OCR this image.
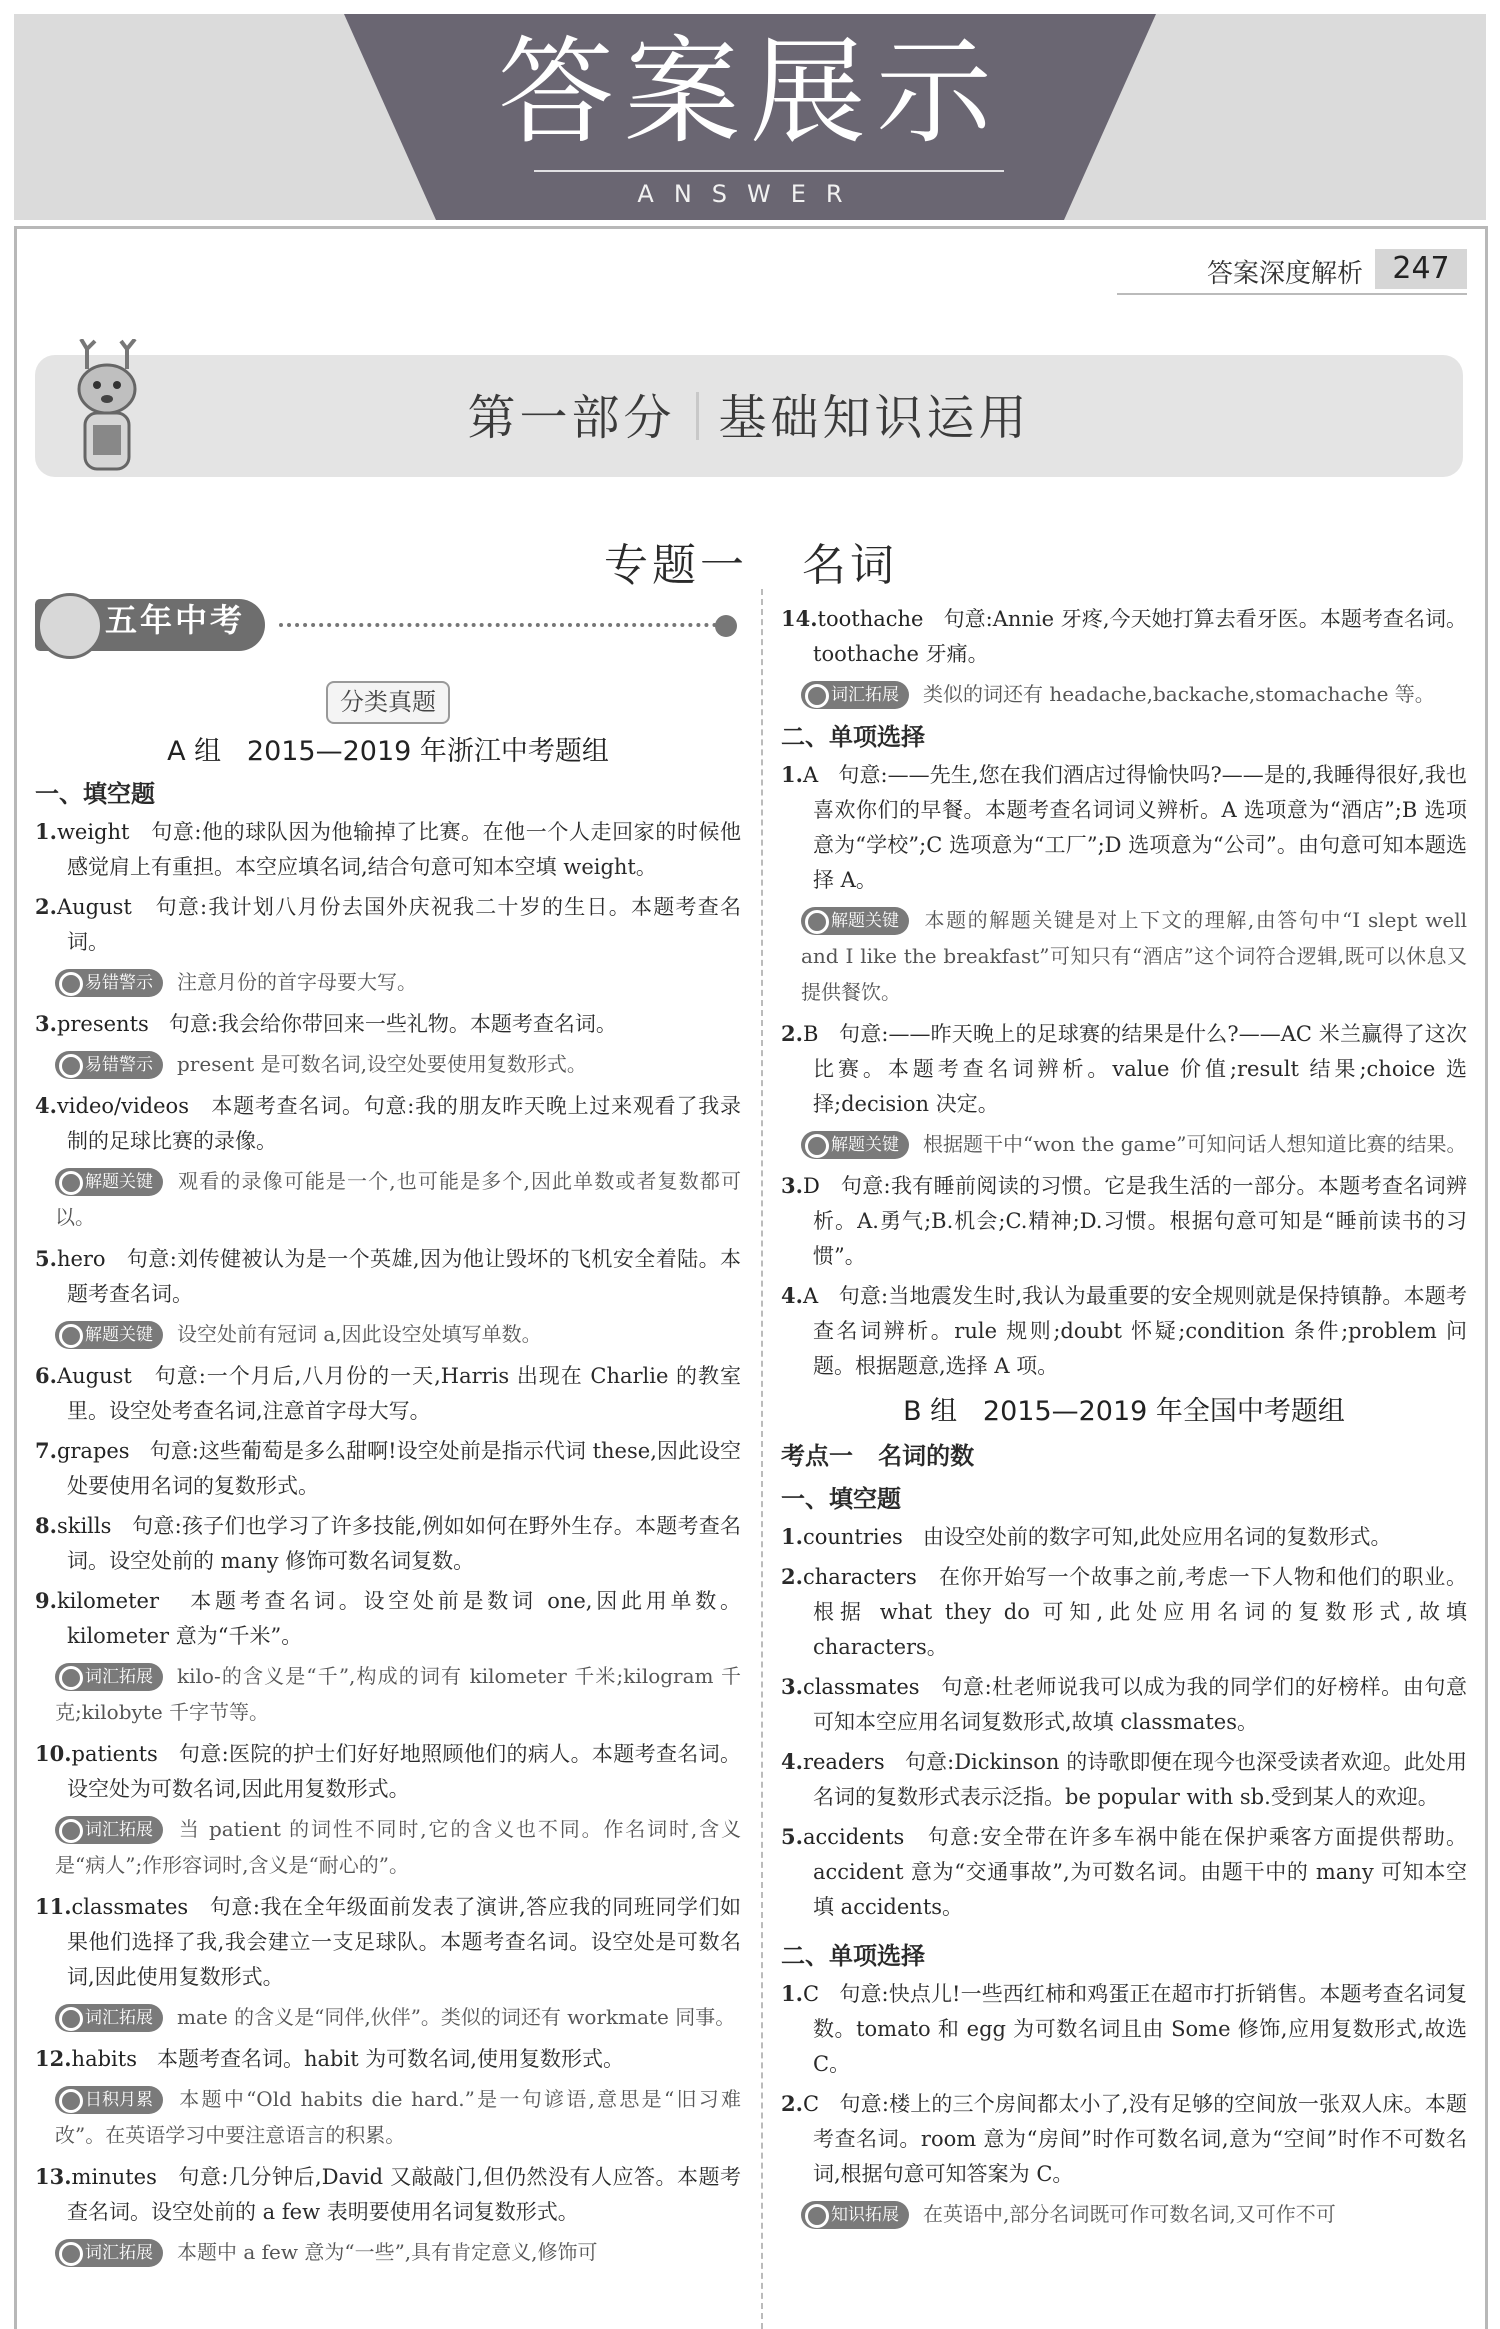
答案展示
ANSWER
答案深度解析 247
第一部分 基础知识运用
专题一   名词
五年中考
分类真题
A 组   2015—2019 年浙江中考题组
一、填空题
1.weight   句意:他的球队因为他输掉了比赛。在他一个人走回家的时候他感觉肩上有重担。本空应填名词,结合句意可知本空填 weight。
2.August   句意:我计划八月份去国外庆祝我二十岁的生日。本题考查名词。
易错警示 注意月份的首字母要大写。
3.presents   句意:我会给你带回来一些礼物。本题考查名词。
易错警示 present 是可数名词,设空处要使用复数形式。
4.video/videos   本题考查名词。句意:我的朋友昨天晚上过来观看了我录制的足球比赛的录像。
解题关键 观看的录像可能是一个,也可能是多个,因此单数或者复数都可以。
5.hero   句意:刘传健被认为是一个英雄,因为他让毁坏的飞机安全着陆。本题考查名词。
解题关键 设空处前有冠词 a,因此设空处填写单数。
6.August   句意:一个月后,八月份的一天,Harris 出现在 Charlie 的教室里。设空处考查名词,注意首字母大写。
7.grapes   句意:这些葡萄是多么甜啊!设空处前是指示代词 these,因此设空处要使用名词的复数形式。
8.skills   句意:孩子们也学习了许多技能,例如如何在野外生存。本题考查名词。设空处前的 many 修饰可数名词复数。
9.kilometer   本题考查名词。设空处前是数词 one,因此用单数。kilometer 意为“千米”。
词汇拓展 kilo-的含义是“千”,构成的词有 kilometer 千米;kilogram 千克;kilobyte 千字节等。
10.patients   句意:医院的护士们好好地照顾他们的病人。本题考查名词。设空处为可数名词,因此用复数形式。
词汇拓展 当 patient 的词性不同时,它的含义也不同。作名词时,含义是“病人”;作形容词时,含义是“耐心的”。
11.classmates   句意:我在全年级面前发表了演讲,答应我的同班同学们如果他们选择了我,我会建立一支足球队。本题考查名词。设空处是可数名词,因此使用复数形式。
词汇拓展 mate 的含义是“同伴,伙伴”。类似的词还有 workmate 同事。
12.habits   本题考查名词。habit 为可数名词,使用复数形式。
日积月累 本题中“Old habits die hard.”是一句谚语,意思是“旧习难改”。在英语学习中要注意语言的积累。
13.minutes   句意:几分钟后,David 又敲敲门,但仍然没有人应答。本题考查名词。设空处前的 a few 表明要使用名词复数形式。
词汇拓展 本题中 a few 意为“一些”,具有肯定意义,修饰可
14.toothache   句意:Annie 牙疼,今天她打算去看牙医。本题考查名词。toothache 牙痛。
词汇拓展 类似的词还有 headache,backache,stomachache 等。
二、单项选择
1.A   句意:——先生,您在我们酒店过得愉快吗?——是的,我睡得很好,我也喜欢你们的早餐。本题考查名词词义辨析。A 选项意为“酒店”;B 选项意为“学校”;C 选项意为“工厂”;D 选项意为“公司”。由句意可知本题选择 A。
解题关键 本题的解题关键是对上下文的理解,由答句中“I slept well and I like the breakfast”可知只有“酒店”这个词符合逻辑,既可以休息又提供餐饮。
2.B   句意:——昨天晚上的足球赛的结果是什么?——AC 米兰赢得了这次比赛。本题考查名词辨析。value 价值;result 结果;choice 选择;decision 决定。
解题关键 根据题干中“won the game”可知问话人想知道比赛的结果。
3.D   句意:我有睡前阅读的习惯。它是我生活的一部分。本题考查名词辨析。A.勇气;B.机会;C.精神;D.习惯。根据句意可知是“睡前读书的习惯”。
4.A   句意:当地震发生时,我认为最重要的安全规则就是保持镇静。本题考查名词辨析。rule 规则;doubt 怀疑;condition 条件;problem 问题。根据题意,选择 A 项。
B 组   2015—2019 年全国中考题组
考点一   名词的数
一、填空题
1.countries   由设空处前的数字可知,此处应用名词的复数形式。
2.characters   在你开始写一个故事之前,考虑一下人物和他们的职业。根据 what they do 可知,此处应用名词的复数形式,故填 characters。
3.classmates   句意:杜老师说我可以成为我的同学们的好榜样。由句意可知本空应用名词复数形式,故填 classmates。
4.readers   句意:Dickinson 的诗歌即便在现今也深受读者欢迎。此处用名词的复数形式表示泛指。be popular with sb.受到某人的欢迎。
5.accidents   句意:安全带在许多车祸中能在保护乘客方面提供帮助。accident 意为“交通事故”,为可数名词。由题干中的 many 可知本空填 accidents。
二、单项选择
1.C   句意:快点儿!一些西红柿和鸡蛋正在超市打折销售。本题考查名词复数。tomato 和 egg 为可数名词且由 Some 修饰,应用复数形式,故选 C。
2.C   句意:楼上的三个房间都太小了,没有足够的空间放一张双人床。本题考查名词。room 意为“房间”时作可数名词,意为“空间”时作不可数名词,根据句意可知答案为 C。
知识拓展 在英语中,部分名词既可作可数名词,又可作不可
